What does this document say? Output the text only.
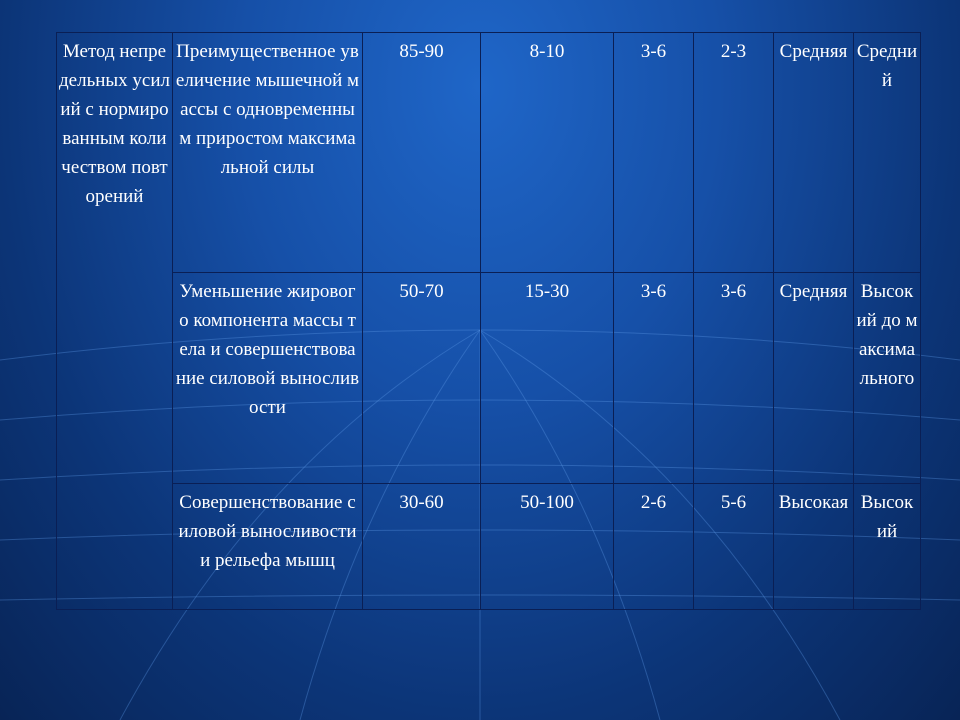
Метод непредельных усилий с нормированным количеством повторений	Преимущественное увеличение мышечной массы с одновременным приростом максимальной силы	85-90	8-10	3-6	2-3	Средняя	Средний
	Уменьшение жирового компонента массы тела и совершенствование силовой выносливости	50-70	15-30	3-6	3-6	Средняя	Высокий до максимального
	Совершенствование силовой выносливости и рельефа мышц	30-60	50-100	2-6	5-6	Высокая	Высокий
